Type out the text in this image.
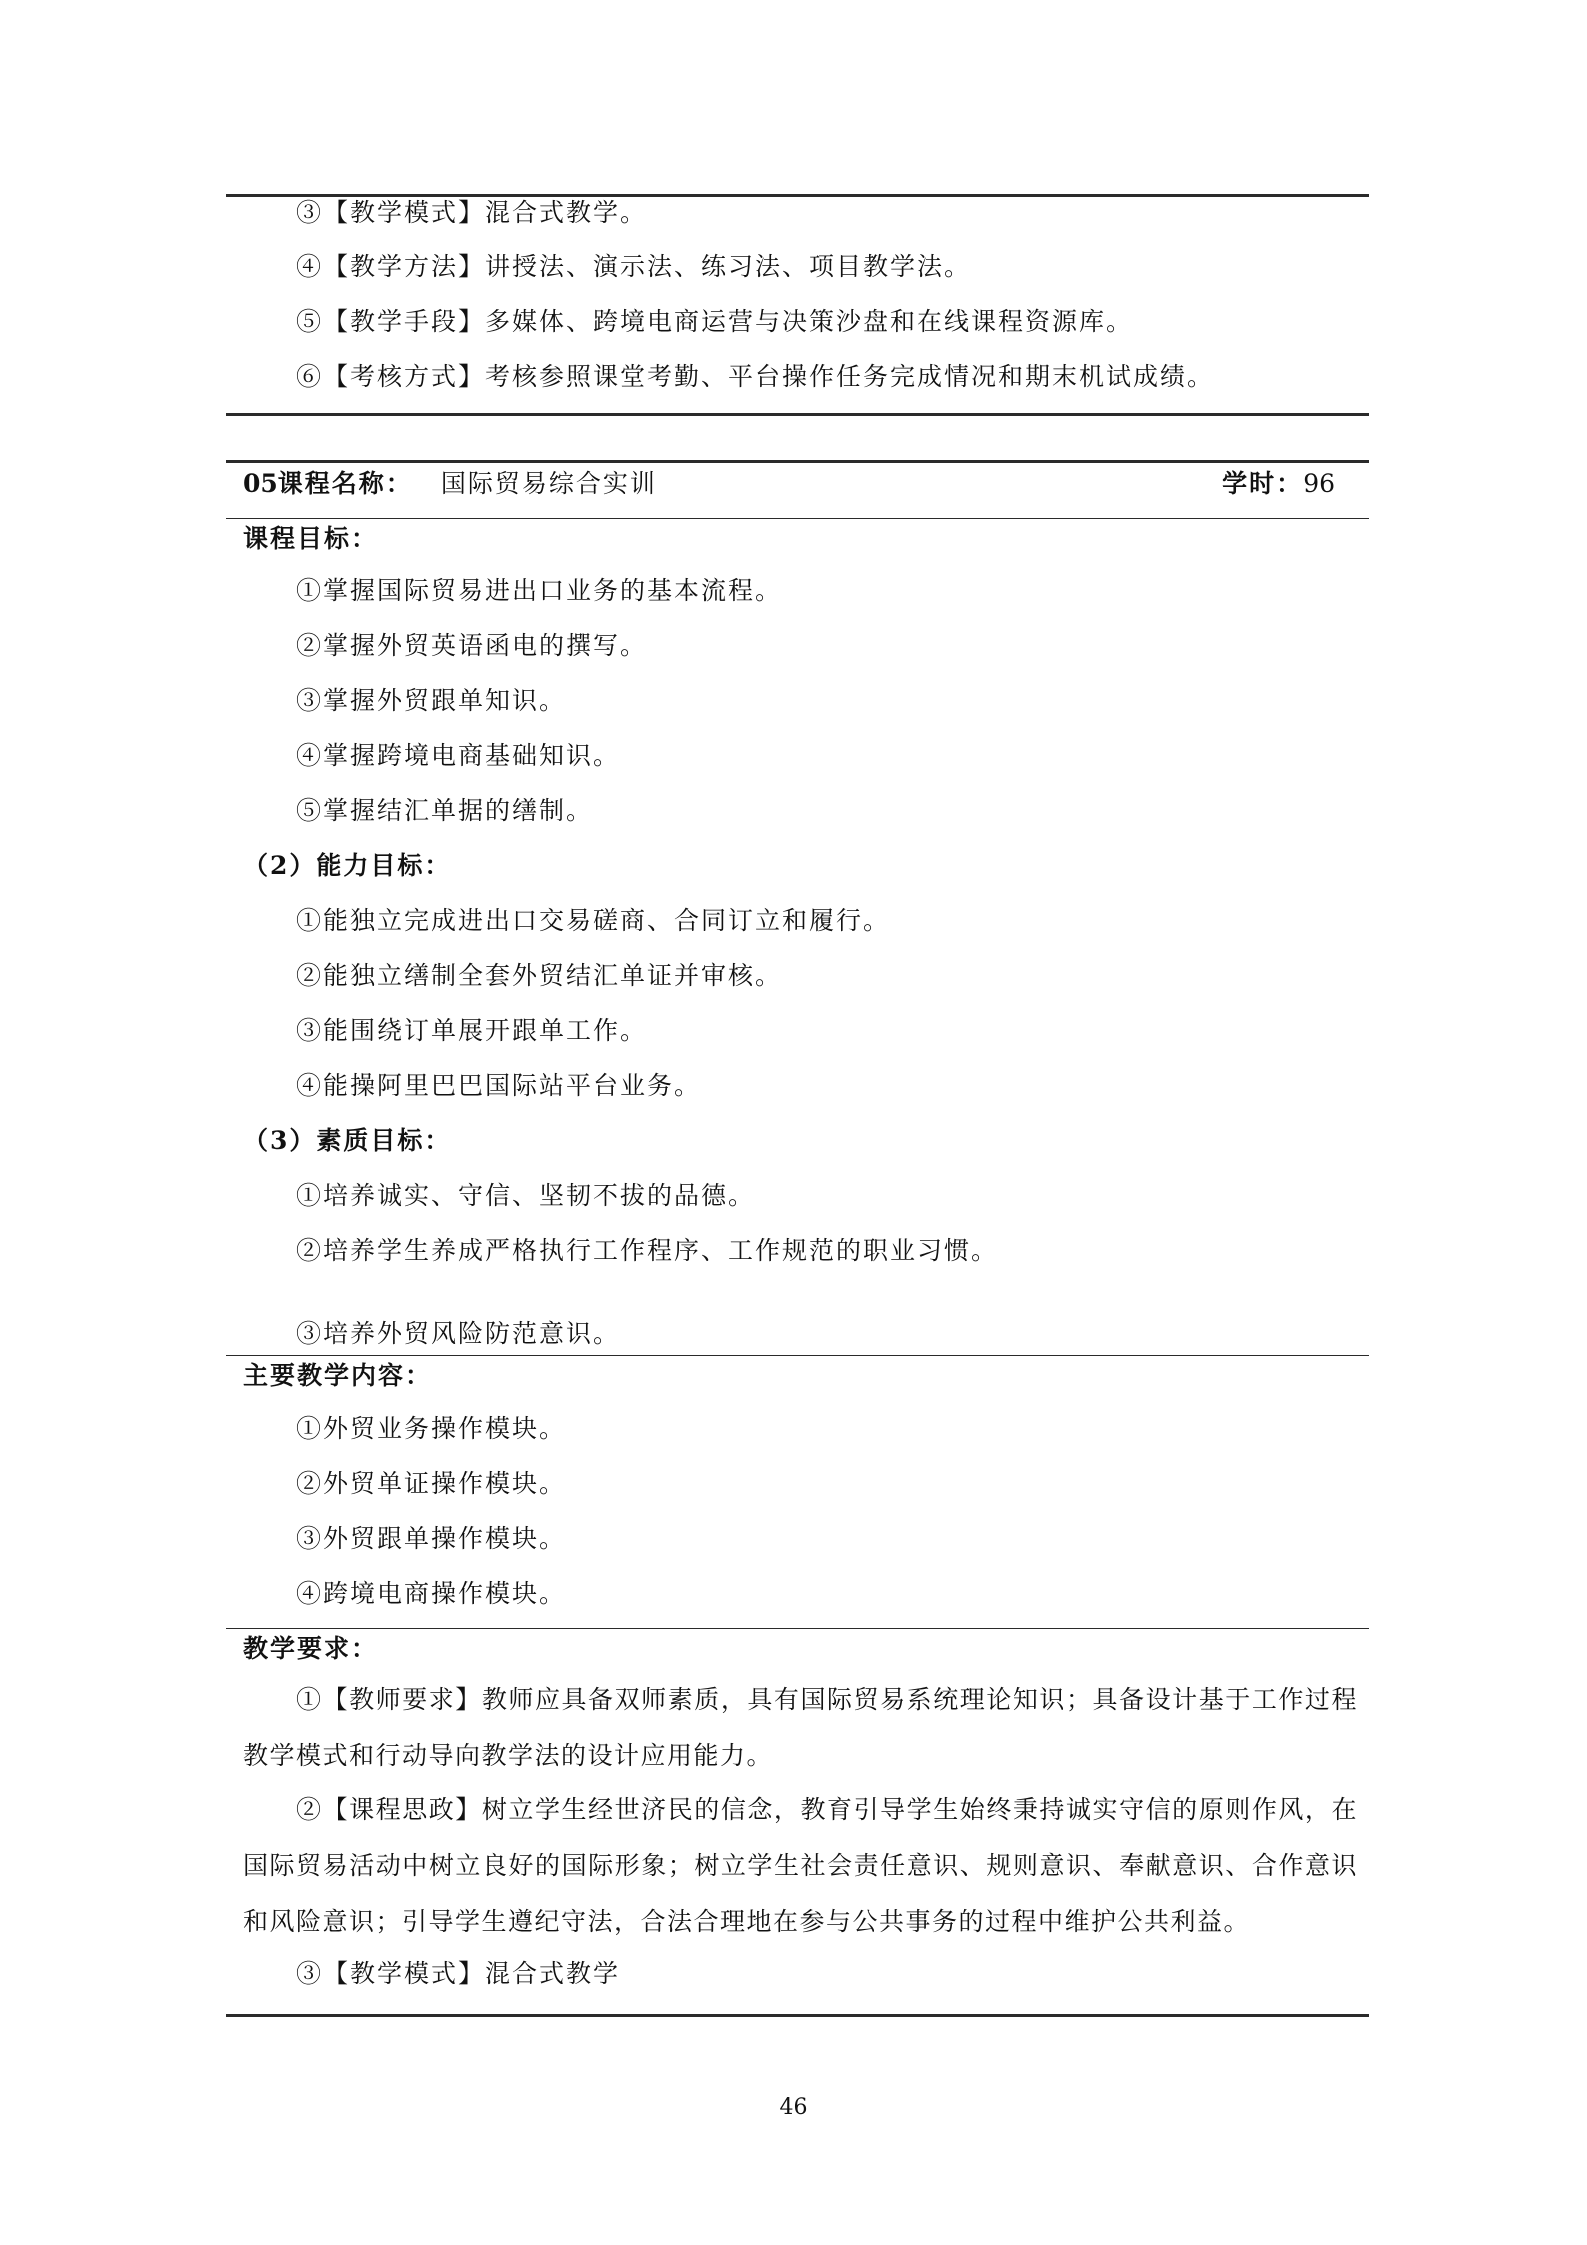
③【教学模式】混合式教学。
④【教学方法】讲授法、演示法、练习法、项目教学法。
⑤【教学手段】多媒体、跨境电商运营与决策沙盘和在线课程资源库。
⑥【考核方式】考核参照课堂考勤、平台操作任务完成情况和期末机试成绩。
05课程名称： 国际贸易综合实训	学时：96
课程目标：
①掌握国际贸易进出口业务的基本流程。
②掌握外贸英语函电的撰写。
③掌握外贸跟单知识。
④掌握跨境电商基础知识。
⑤掌握结汇单据的缮制。
（2）能力目标：
①能独立完成进出口交易磋商、合同订立和履行。
②能独立缮制全套外贸结汇单证并审核。
③能围绕订单展开跟单工作。
④能操阿里巴巴国际站平台业务。
（3）素质目标：
①培养诚实、守信、坚韧不拔的品德。
②培养学生养成严格执行工作程序、工作规范的职业习惯。
③培养外贸风险防范意识。
主要教学内容：
①外贸业务操作模块。
②外贸单证操作模块。
③外贸跟单操作模块。
④跨境电商操作模块。
教学要求：
①【教师要求】教师应具备双师素质，具有国际贸易系统理论知识；具备设计基于工作过程教学模式和行动导向教学法的设计应用能力。
②【课程思政】树立学生经世济民的信念，教育引导学生始终秉持诚实守信的原则作风，在国际贸易活动中树立良好的国际形象；树立学生社会责任意识、规则意识、奉献意识、合作意识和风险意识；引导学生遵纪守法，合法合理地在参与公共事务的过程中维护公共利益。
③【教学模式】混合式教学
46
